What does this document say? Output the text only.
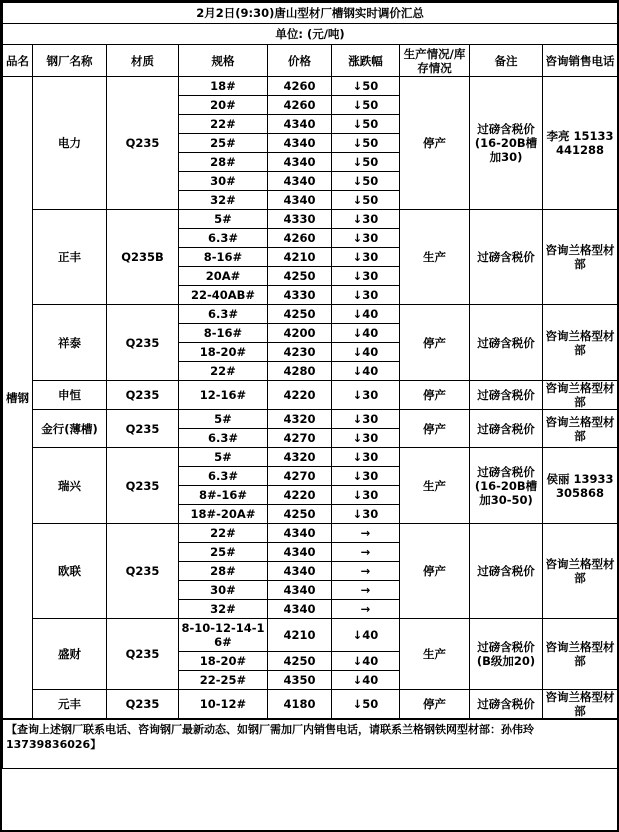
2月2日(9:30)唐山型材厂槽钢实时调价汇总								
单位: (元/吨)								
品名	钢厂名称	材质	规格	价格	涨跌幅	生产情况/库存情况	备注	咨询销售电话
槽钢	电力	Q235	18#	4260	↓50	停产	过磅含税价(16-20B槽加30)	李亮 15133441288
			20#	4260	↓50			
			22#	4340	↓50			
			25#	4340	↓50			
			28#	4340	↓50			
			30#	4340	↓50			
			32#	4340	↓50			
	正丰	Q235B	5#	4330	↓30	生产	过磅含税价	咨询兰格型材部
			6.3#	4260	↓30			
			8-16#	4210	↓30			
			20A#	4250	↓30			
			22-40AB#	4330	↓30			
	祥泰	Q235	6.3#	4250	↓40	停产	过磅含税价	咨询兰格型材部
			8-16#	4200	↓40			
			18-20#	4230	↓40			
			22#	4280	↓40			
	申恒	Q235	12-16#	4220	↓30	停产	过磅含税价	咨询兰格型材部
	金行(薄槽)	Q235	5#	4320	↓30	停产	过磅含税价	咨询兰格型材部
			6.3#	4270	↓30			
	瑞兴	Q235	5#	4320	↓30	生产	过磅含税价(16-20B槽加30-50)	侯丽 13933305868
			6.3#	4270	↓30			
			8#-16#	4220	↓30			
			18#-20A#	4250	↓30			
	欧联	Q235	22#	4340	→	停产	过磅含税价	咨询兰格型材部
			25#	4340	→			
			28#	4340	→			
			30#	4340	→			
			32#	4340	→			
	盛财	Q235	8-10-12-14-16#	4210	↓40	生产	过磅含税价(B级加20)	咨询兰格型材部
			18-20#	4250	↓40			
			22-25#	4350	↓40			
	元丰	Q235	10-12#	4180	↓50	停产	过磅含税价	咨询兰格型材部
【查询上述钢厂联系电话、咨询钢厂最新动态、如钢厂需加厂内销售电话，请联系兰格钢铁网型材部：孙伟玲13739836026】
